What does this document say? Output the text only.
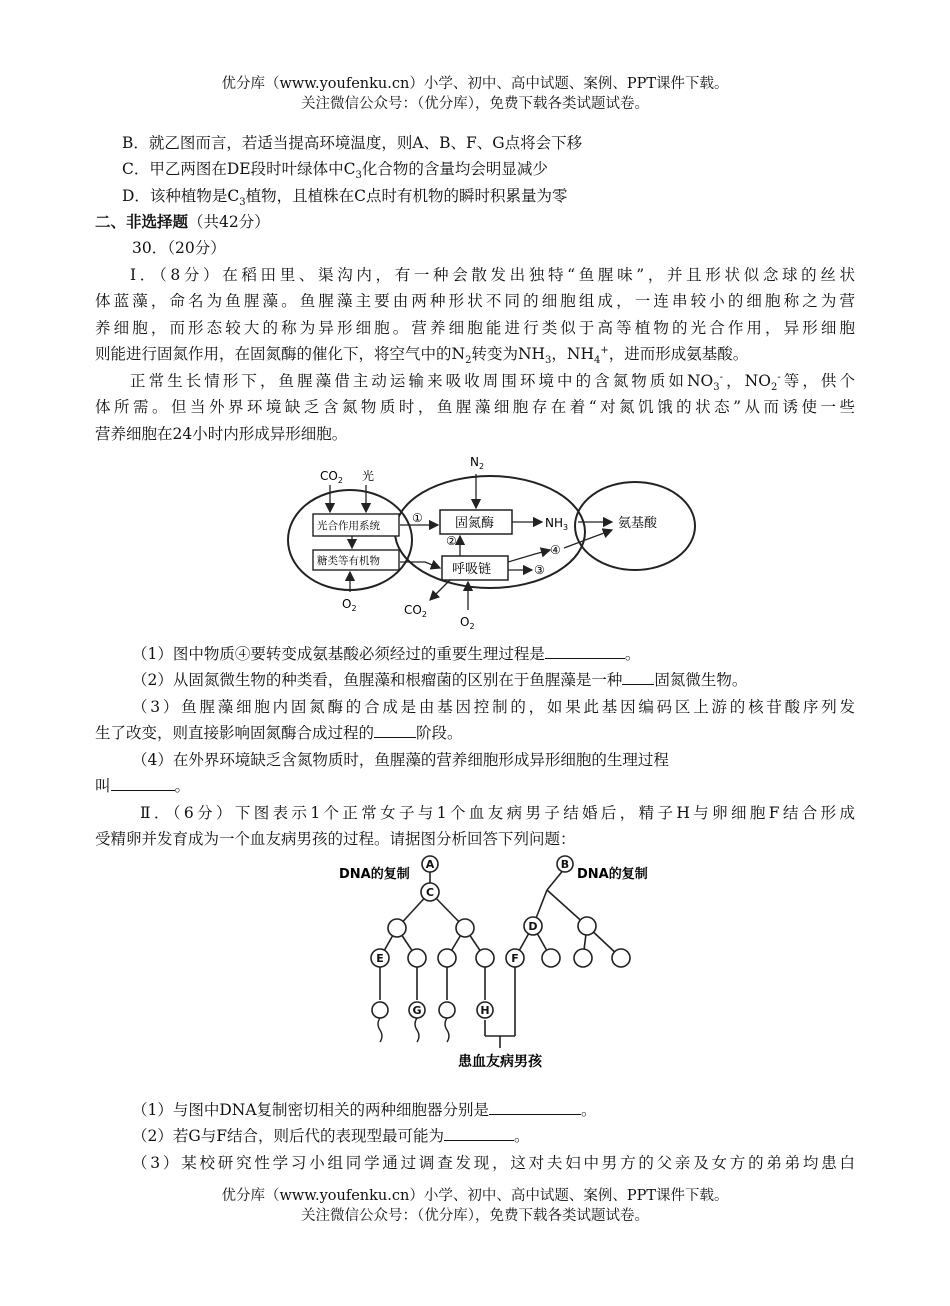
优分库（www.youfenku.cn）小学、初中、高中试题、案例、PPT课件下载。
关注微信公众号：（优分库），免费下载各类试题试卷。
B．就乙图而言，若适当提高环境温度，则A、B、F、G点将会下移
C．甲乙两图在DE段时叶绿体中$C_3$化合物的含量均会明显减少
D．该种植物是$C_3$植物，且植株在C点时有机物的瞬时积累量为零
二、非选择题（共42分）
30．（20分）
Ⅰ．（8分）在稻田里、渠沟内，有一种会散发出独特“鱼腥味”，并且形状似念球的丝状
体蓝藻，命名为鱼腥藻。鱼腥藻主要由两种形状不同的细胞组成，一连串较小的细胞称之为营
养细胞，而形态较大的称为异形细胞。营养细胞能进行类似于高等植物的光合作用，异形细胞
则能进行固氮作用，在固氮酶的催化下，将空气中的$N_2$转变为$NH_3$，$NH_4^+$，进而形成氨基酸。
正常生长情形下，鱼腥藻借主动运输来吸收周围环境中的含氮物质如$NO_3^-$，$NO_2^-$等，供个
体所需。但当外界环境缺乏含氮物质时，鱼腥藻细胞存在着“对氮饥饿的状态”从而诱使一些
营养细胞在24小时内形成异形细胞。
$CO_2$ 光
光合作用系统
糖类等有机物
$O_2$
①
$N_2$
固氮酶	$NH_3$	氨基酸
②
呼吸链
④
③
$CO_2$
$O_2$
（1）图中物质④要转变成氨基酸必须经过的重要生理过程是	。
（2）从固氮微生物的种类看，鱼腥藻和根瘤菌的区别在于鱼腥藻是一种 固氮微生物。
（3）鱼腥藻细胞内固氮酶的合成是由基因控制的，如果此基因编码区上游的核苷酸序列发
生了改变，则直接影响固氮酶合成过程的	阶段。
（4）在外界环境缺乏含氮物质时，鱼腥藻的营养细胞形成异形细胞的生理过程
叫	。
Ⅱ．（6分）下图表示1个正常女子与1个血友病男子结婚后，精子H与卵细胞F结合形成
受精卵并发育成为一个血友病男孩的过程。请据图分析回答下列问题：
A
C
B
D
E	F
G	H
DNA的复制	DNA的复制
患血友病男孩
（1）与图中DNA复制密切相关的两种细胞器分别是	。
（2）若G与F结合，则后代的表现型最可能为	。
（3）某校研究性学习小组同学通过调查发现，这对夫妇中男方的父亲及女方的弟弟均患白
优分库（www.youfenku.cn）小学、初中、高中试题、案例、PPT课件下载。
关注微信公众号：（优分库），免费下载各类试题试卷。
